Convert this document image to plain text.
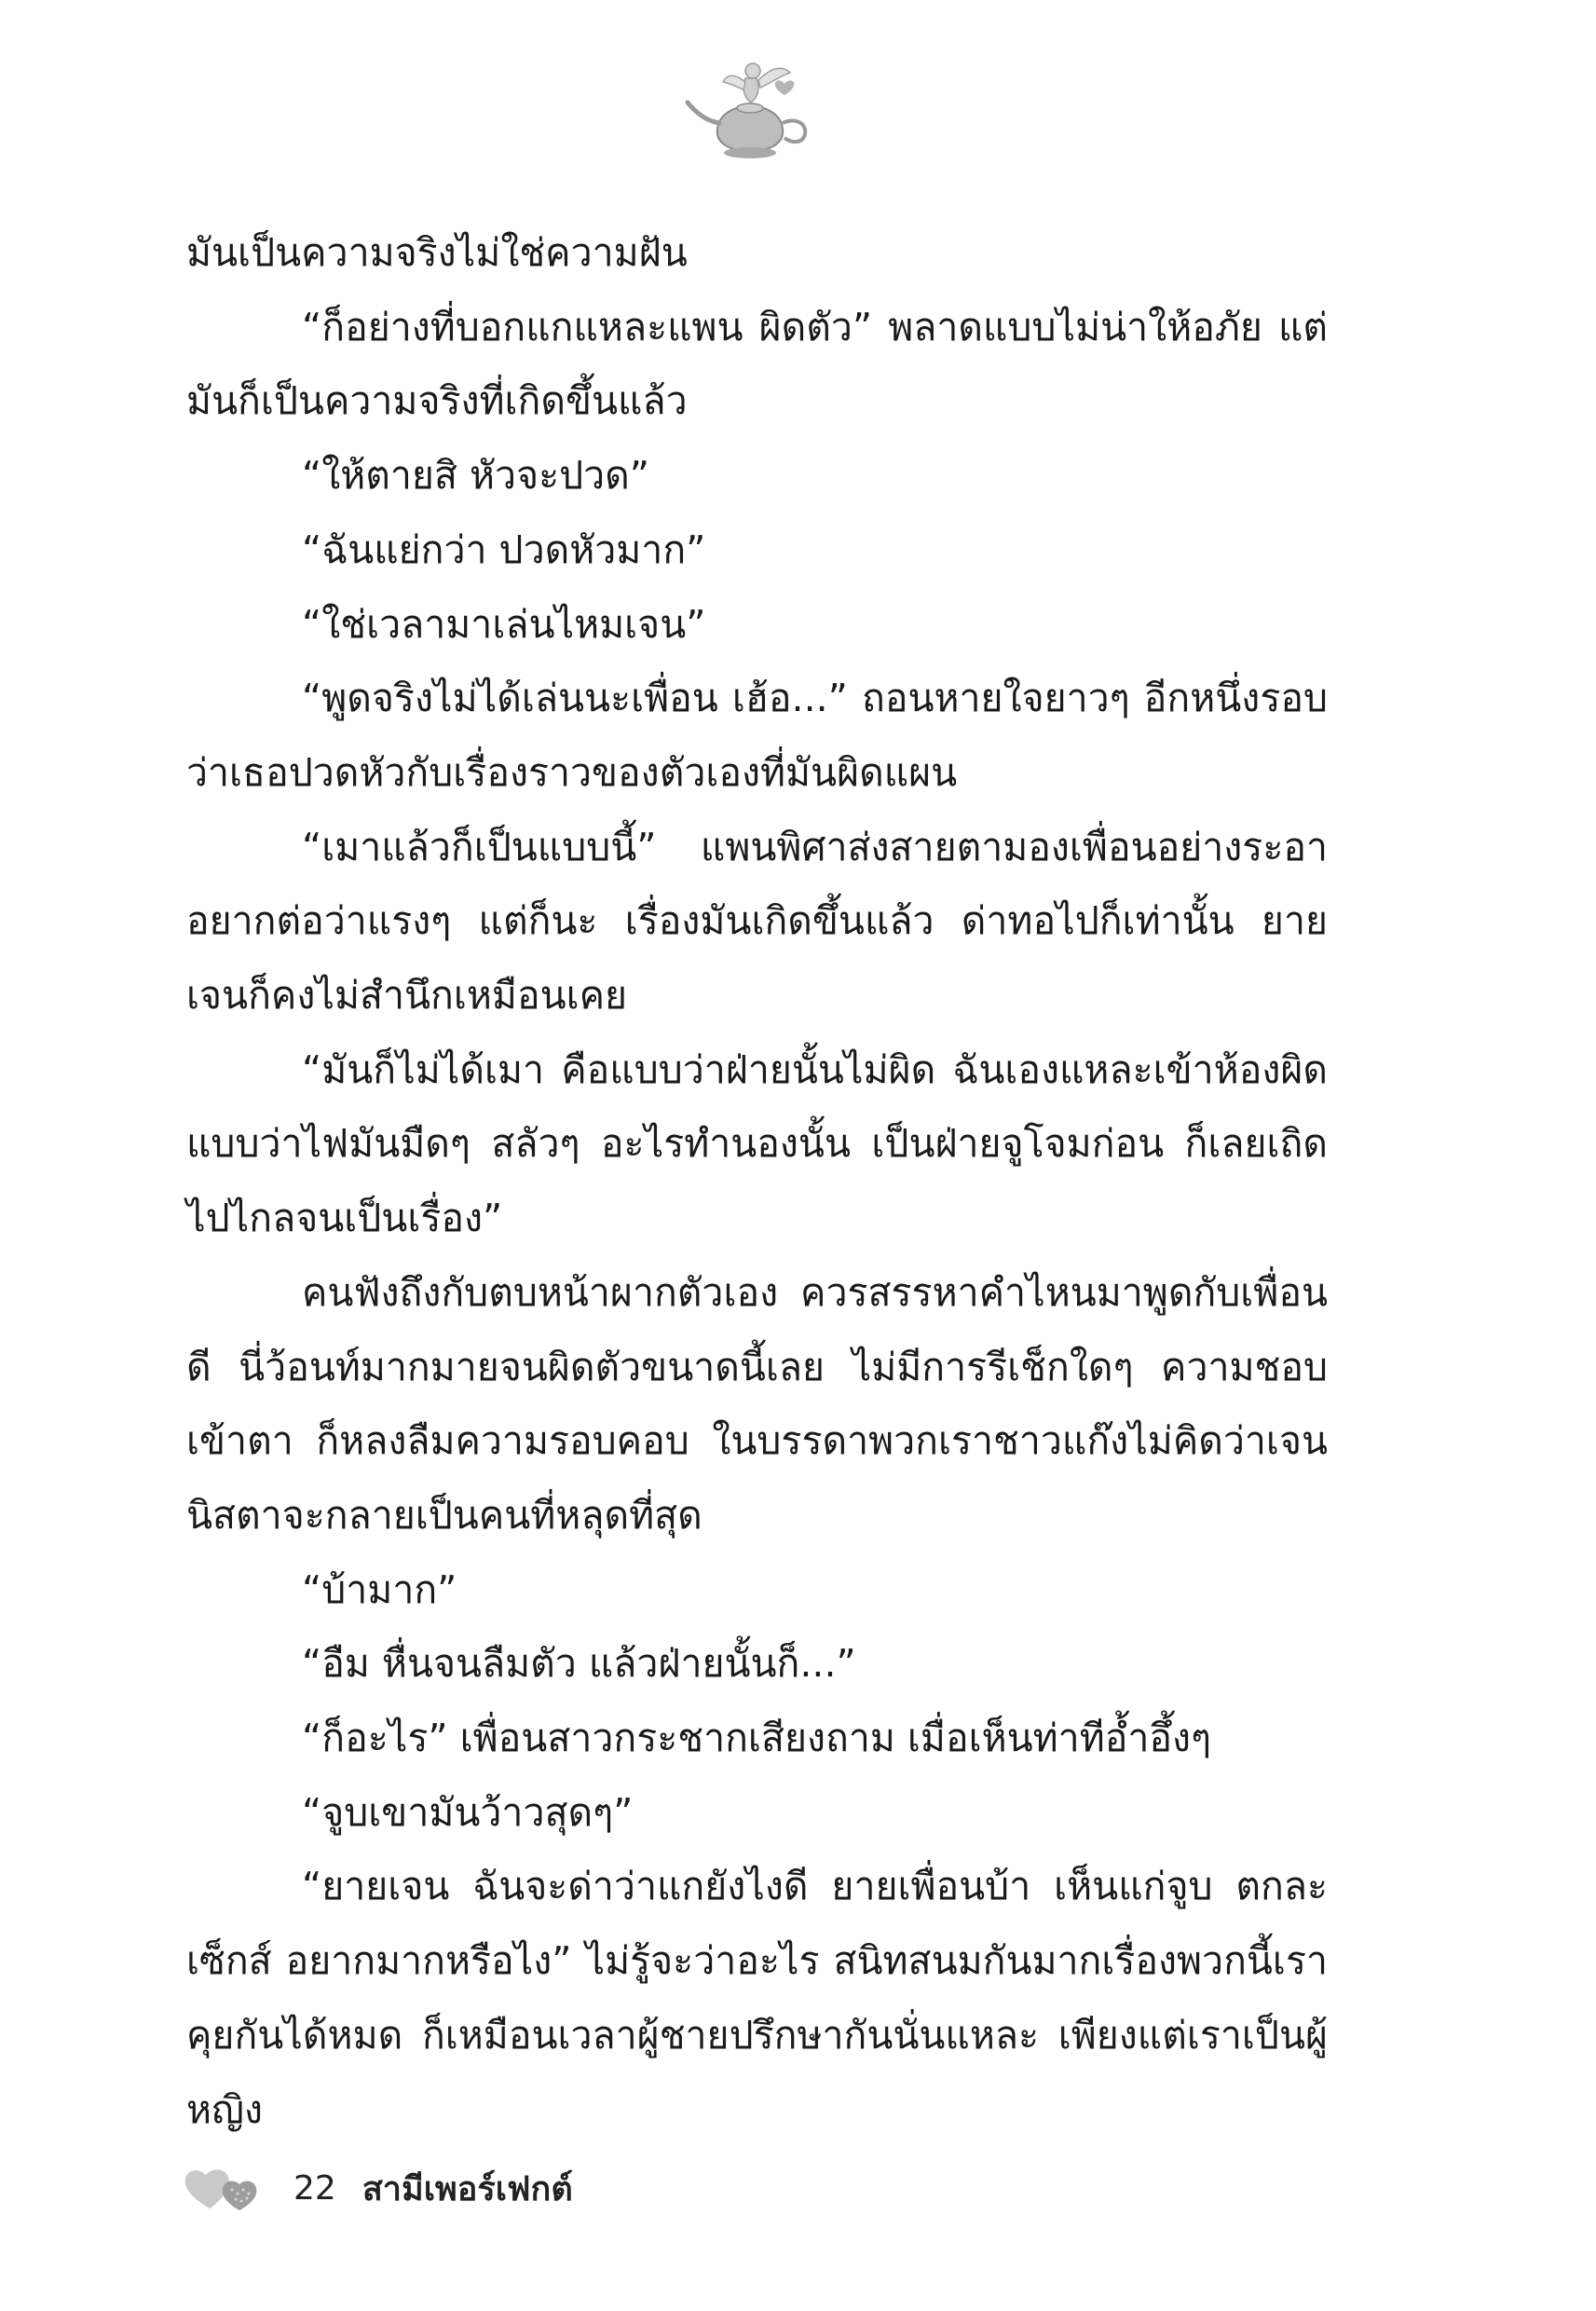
มันเป็นความจริงไม่ใช่ความฝัน

“ก็อย่างที่บอกแกแหละแพน ผิดตัว” พลาดแบบไม่น่าให้อภัย แต่มันก็เป็นความจริงที่เกิดขึ้นแล้ว

“ให้ตายสิ หัวจะปวด”

“ฉันแย่กว่า ปวดหัวมาก”

“ใช่เวลามาเล่นไหมเจน”

“พูดจริงไม่ได้เล่นนะเพื่อน เฮ้อ...” ถอนหายใจยาวๆ อีกหนึ่งรอบ ว่าเธอปวดหัวกับเรื่องราวของตัวเองที่มันผิดแผน

“เมาแล้วก็เป็นแบบนี้” แพนพิศาส่งสายตามองเพื่อนอย่างระอา อยากต่อว่าแรงๆ แต่ก็นะ เรื่องมันเกิดขึ้นแล้ว ด่าทอไปก็เท่านั้น ยายเจนก็คงไม่สำนึกเหมือนเคย

“มันก็ไม่ได้เมา คือแบบว่าฝ่ายนั้นไม่ผิด ฉันเองแหละเข้าห้องผิด แบบว่าไฟมันมืดๆ สลัวๆ อะไรทำนองนั้น เป็นฝ่ายจูโจมก่อน ก็เลยเถิดไปไกลจนเป็นเรื่อง”

คนฟังถึงกับตบหน้าผากตัวเอง ควรสรรหาคำไหนมาพูดกับเพื่อนดี นี่ว้อนท์มากมายจนผิดตัวขนาดนี้เลย ไม่มีการรีเช็กใดๆ ความชอบเข้าตา ก็หลงลืมความรอบคอบ ในบรรดาพวกเราชาวแก๊งไม่คิดว่าเจนนิสตาจะกลายเป็นคนที่หลุดที่สุด

“บ้ามาก”

“อืม หื่นจนลืมตัว แล้วฝ่ายนั้นก็...”

“ก็อะไร” เพื่อนสาวกระชากเสียงถาม เมื่อเห็นท่าทีอ้ำอึ้งๆ

“จูบเขามันว้าวสุดๆ”

“ยายเจน ฉันจะด่าว่าแกยังไงดี ยายเพื่อนบ้า เห็นแก่จูบ ตกละเซ็กส์ อยากมากหรือไง” ไม่รู้จะว่าอะไร สนิทสนมกันมากเรื่องพวกนี้เราคุยกันได้หมด ก็เหมือนเวลาผู้ชายปรึกษากันนั่นแหละ เพียงแต่เราเป็นผู้หญิง

22 สามีเพอร์เฟกต์
